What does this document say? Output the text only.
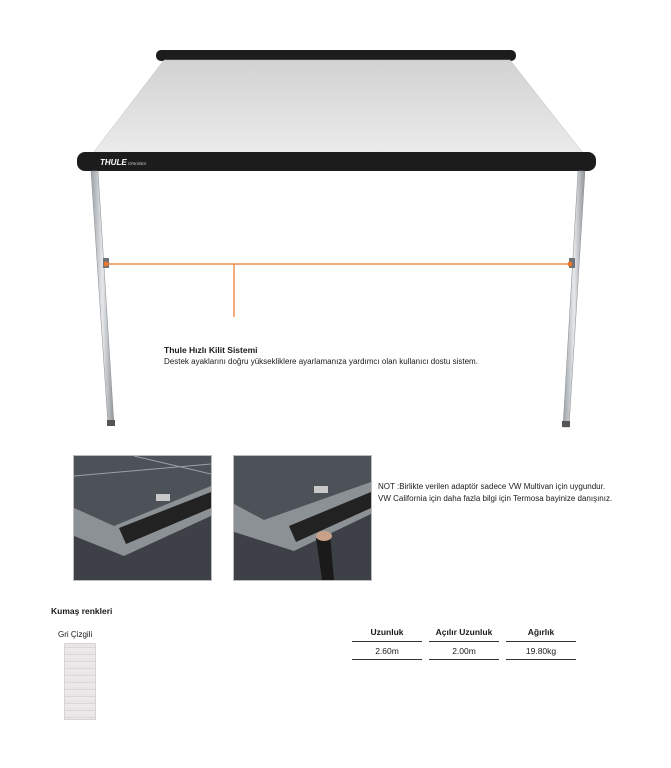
THULE Omnistor
Thule Hızlı Kilit Sistemi
Destek ayaklarını doğru yüksekliklere ayarlamanıza yardımcı olan kullanıcı dostu sistem.
NOT :Birlikte verilen adaptör sadece VW Multivan için uygundur.
VW California için daha fazla bilgi için Termosa bayinize danışınız.
Kumaş renkleri
Gri Çizgili	Uzunluk		Açılır Uzunluk		Ağırlık
2.60m		2.00m		19.80kg
